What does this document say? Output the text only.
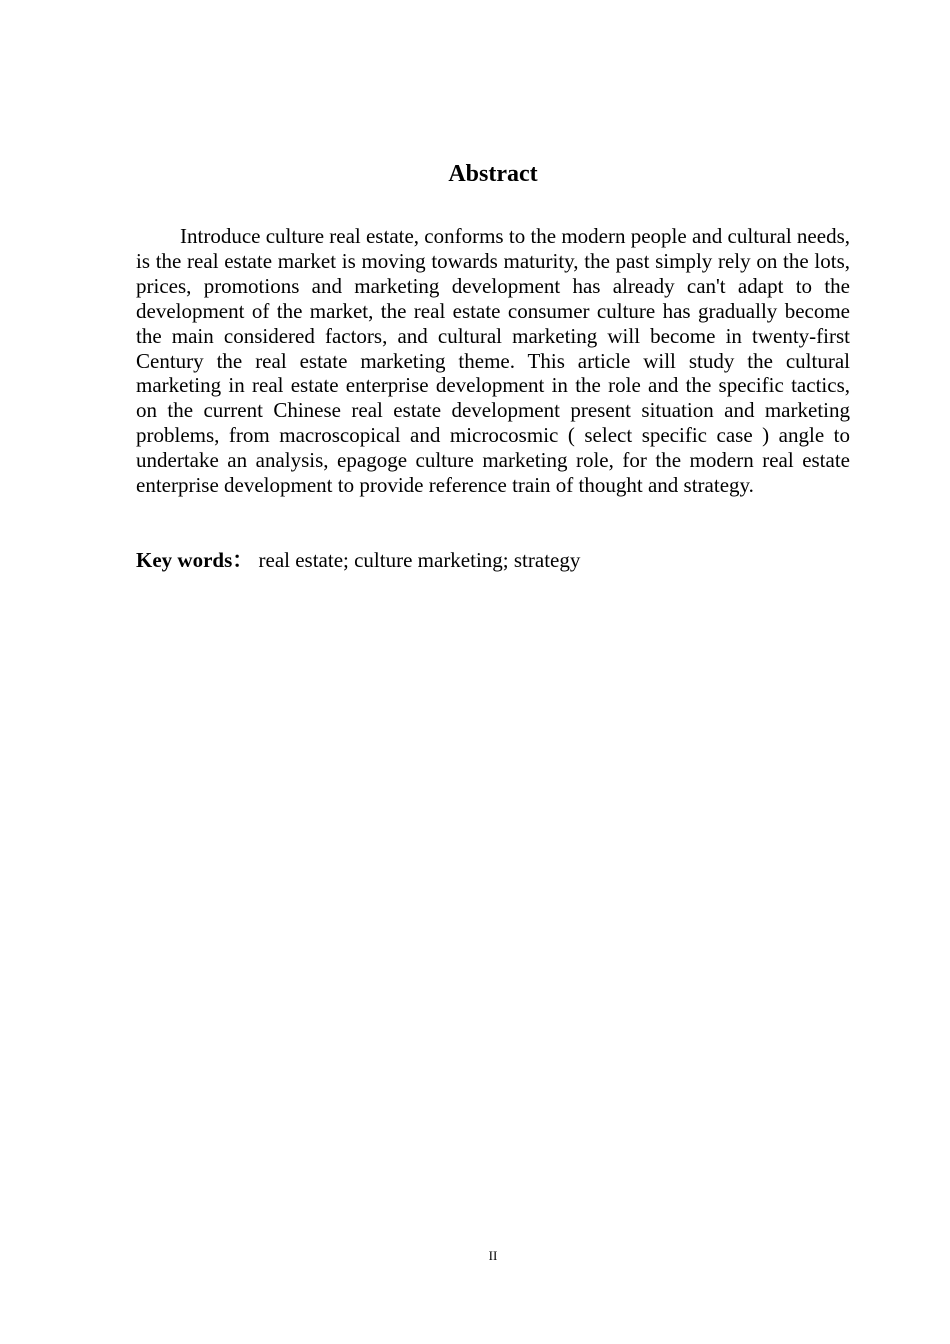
Abstract

Introduce culture real estate, conforms to the modern people and cultural needs, is the real estate market is moving towards maturity, the past simply rely on the lots, prices, promotions and marketing development has already can't adapt to the development of the market, the real estate consumer culture has gradually become the main considered factors, and cultural marketing will become in twenty-first Century the real estate marketing theme. This article will study the cultural marketing in real estate enterprise development in the role and the specific tactics, on the current Chinese real estate development present situation and marketing problems, from macroscopical and microcosmic ( select specific case ) angle to undertake an analysis, epagoge culture marketing role, for the modern real estate enterprise development to provide reference train of thought and strategy.

Key words： real estate; culture marketing; strategy

II
